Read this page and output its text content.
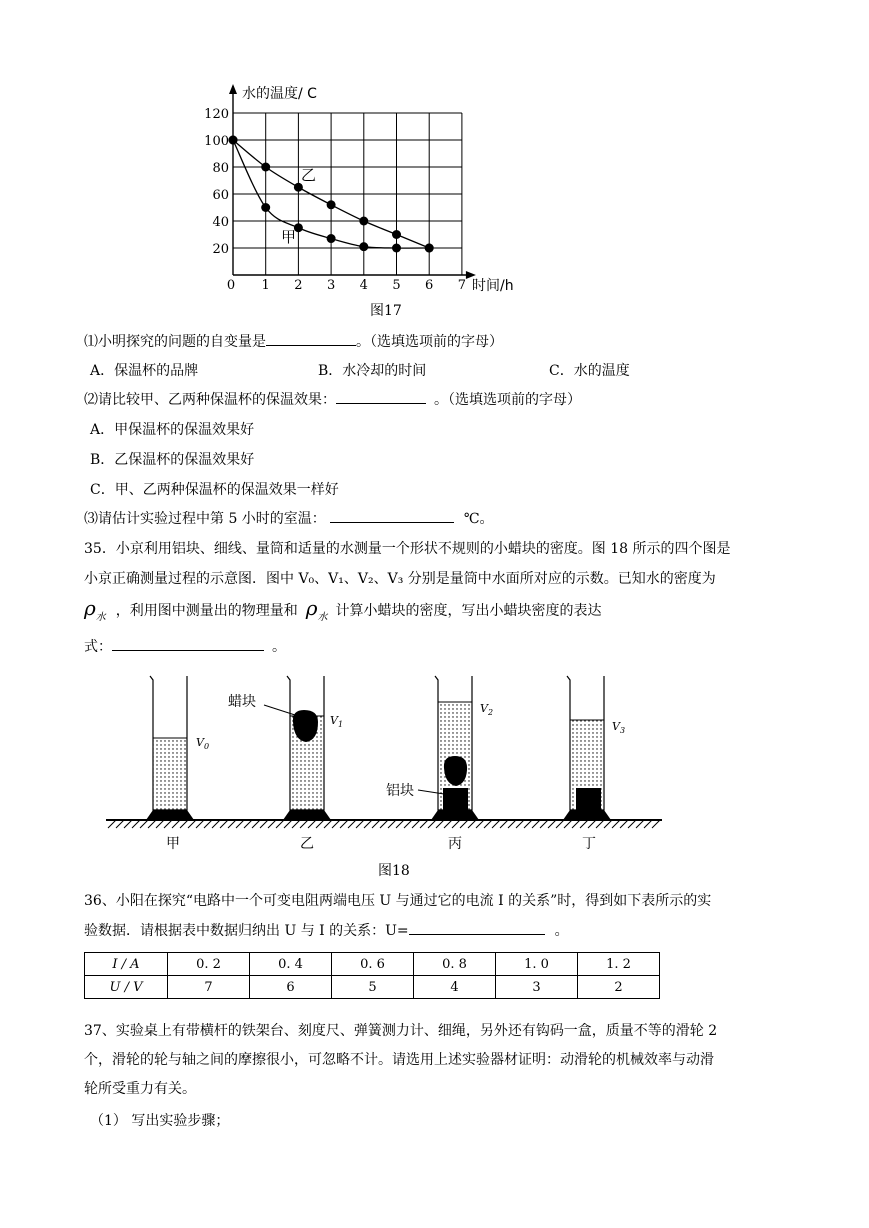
120
100
80
60
40
20
0 1 2 3 4 5 6 7
水的温度/ C
时间/h
乙
甲
图17
⑴小明探究的问题的自变量是	。（选填选项前的字母）
A．保温杯的品牌	B．水冷却的时间	C．水的温度
⑵请比较甲、乙两种保温杯的保温效果：	。（选填选项前的字母）
A．甲保温杯的保温效果好
B．乙保温杯的保温效果好
C．甲、乙两种保温杯的保温效果一样好
⑶请估计实验过程中第 5 小时的室温：	℃。
35．小京利用铝块、细线、量筒和适量的水测量一个形状不规则的小蜡块的密度。图 18 所示的四个图是
小京正确测量过程的示意图．图中 V₀、V₁、V₂、V₃ 分别是量筒中水面所对应的示数。已知水的密度为
$\rho_水$ ，利用图中测量出的物理量和 $\rho_水$ 计算小蜡块的密度，写出小蜡块密度的表达
式：	。
$V_0$
蜡块
$V_1$
铝块
$V_2$
$V_3$
甲	乙	丙	丁
图18
36、小阳在探究“电路中一个可变电阻两端电压 U 与通过它的电流 I 的关系”时，得到如下表所示的实
验数据．请根据表中数据归纳出 U 与 I 的关系：U=	。
I / A	0. 2	0. 4	0. 6	0. 8	1. 0	1. 2
U / V	7	6	5	4	3	2
37、实验桌上有带横杆的铁架台、刻度尺、弹簧测力计、细绳，另外还有钩码一盒，质量不等的滑轮 2
个，滑轮的轮与轴之间的摩擦很小，可忽略不计。请选用上述实验器材证明：动滑轮的机械效率与动滑
轮所受重力有关。
（1） 写出实验步骤；
